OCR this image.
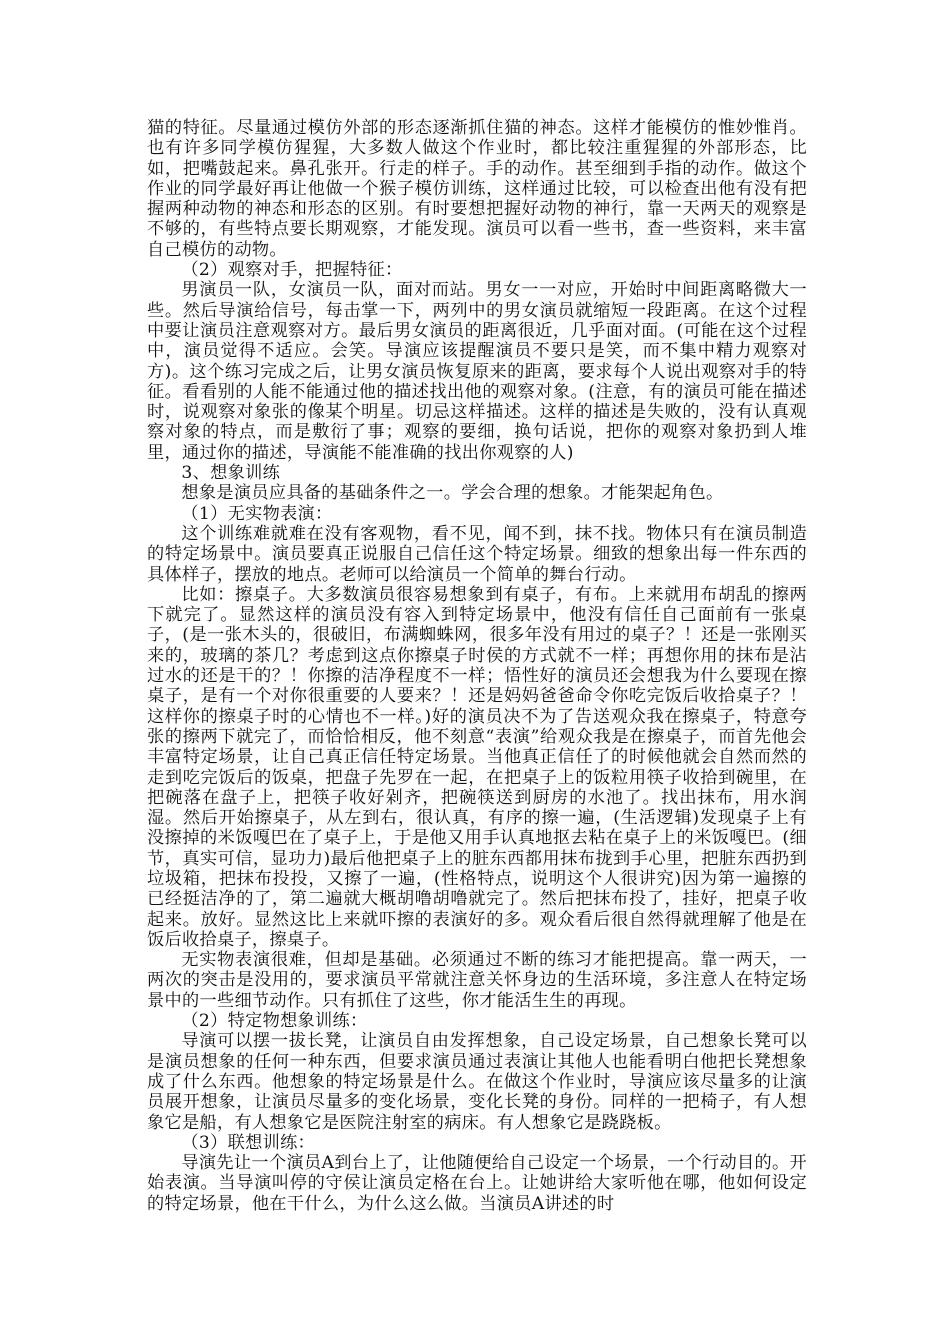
猫的特征。尽量通过模仿外部的形态逐渐抓住猫的神态。这样才能模仿的惟妙惟肖。也有许多同学模仿猩猩，大多数人做这个作业时，都比较注重猩猩的外部形态，比如，把嘴鼓起来。鼻孔张开。行走的样子。手的动作。甚至细到手指的动作。做这个作业的同学最好再让他做一个猴子模仿训练，这样通过比较，可以检查出他有没有把握两种动物的神态和形态的区别。有时要想把握好动物的神行，靠一天两天的观察是不够的，有些特点要长期观察，才能发现。演员可以看一些书，查一些资料，来丰富自己模仿的动物。

（2）观察对手，把握特征：

男演员一队，女演员一队，面对而站。男女一一对应，开始时中间距离略微大一些。然后导演给信号，每击掌一下，两列中的男女演员就缩短一段距离。在这个过程中要让演员注意观察对方。最后男女演员的距离很近，几乎面对面。(可能在这个过程中，演员觉得不适应。会笑。导演应该提醒演员不要只是笑，而不集中精力观察对方)。这个练习完成之后，让男女演员恢复原来的距离，要求每个人说出观察对手的特征。看看别的人能不能通过他的描述找出他的观察对象。(注意，有的演员可能在描述时，说观察对象张的像某个明星。切忌这样描述。这样的描述是失败的，没有认真观察对象的特点，而是敷衍了事；观察的要细，换句话说，把你的观察对象扔到人堆里，通过你的描述，导演能不能准确的找出你观察的人)

3、想象训练

想象是演员应具备的基础条件之一。学会合理的想象。才能架起角色。

（1）无实物表演：

这个训练难就难在没有客观物，看不见，闻不到，抹不找。物体只有在演员制造的特定场景中。演员要真正说服自己信任这个特定场景。细致的想象出每一件东西的具体样子，摆放的地点。老师可以给演员一个简单的舞台行动。

比如：擦桌子。大多数演员很容易想象到有桌子，有布。上来就用布胡乱的擦两下就完了。显然这样的演员没有容入到特定场景中，他没有信任自己面前有一张桌子，(是一张木头的，很破旧，布满蜘蛛网，很多年没有用过的桌子？！还是一张刚买来的，玻璃的茶几？考虑到这点你擦桌子时侯的方式就不一样；再想你用的抹布是沾过水的还是干的？！你擦的洁净程度不一样；悟性好的演员还会想我为什么要现在擦桌子，是有一个对你很重要的人要来？！还是妈妈爸爸命令你吃完饭后收拾桌子？！这样你的擦桌子时的心情也不一样。)好的演员决不为了告送观众我在擦桌子，特意夸张的擦两下就完了，而恰恰相反，他不刻意“表演”给观众我是在擦桌子，而首先他会丰富特定场景，让自己真正信任特定场景。当他真正信任了的时候他就会自然而然的走到吃完饭后的饭桌，把盘子先罗在一起，在把桌子上的饭粒用筷子收拾到碗里，在把碗落在盘子上，把筷子收好剁齐，把碗筷送到厨房的水池了。找出抹布，用水润湿。然后开始擦桌子，从左到右，很认真，有序的擦一遍，(生活逻辑)发现桌子上有没擦掉的米饭嘎巴在了桌子上，于是他又用手认真地抠去粘在桌子上的米饭嘎巴。(细节，真实可信，显功力)最后他把桌子上的脏东西都用抹布拢到手心里，把脏东西扔到垃圾箱，把抹布投投，又擦了一遍，(性格特点，说明这个人很讲究)因为第一遍擦的已经挺洁净的了，第二遍就大概胡噜胡噜就完了。然后把抹布投了，挂好，把桌子收起来。放好。显然这比上来就吓擦的表演好的多。观众看后很自然得就理解了他是在饭后收拾桌子，擦桌子。

无实物表演很难，但却是基础。必须通过不断的练习才能把提高。靠一两天，一两次的突击是没用的，要求演员平常就注意关怀身边的生活环境，多注意人在特定场景中的一些细节动作。只有抓住了这些，你才能活生生的再现。

（2）特定物想象训练：

导演可以摆一拔长凳，让演员自由发挥想象，自己设定场景，自己想象长凳可以是演员想象的任何一种东西，但要求演员通过表演让其他人也能看明白他把长凳想象成了什么东西。他想象的特定场景是什么。在做这个作业时，导演应该尽量多的让演员展开想象，让演员尽量多的变化场景，变化长凳的身份。同样的一把椅子，有人想象它是船，有人想象它是医院注射室的病床。有人想象它是跷跷板。

（3）联想训练：

导演先让一个演员A到台上了，让他随便给自己设定一个场景，一个行动目的。开始表演。当导演叫停的守侯让演员定格在台上。让她讲给大家听他在哪，他如何设定的特定场景，他在干什么，为什么这么做。当演员A讲述的时
